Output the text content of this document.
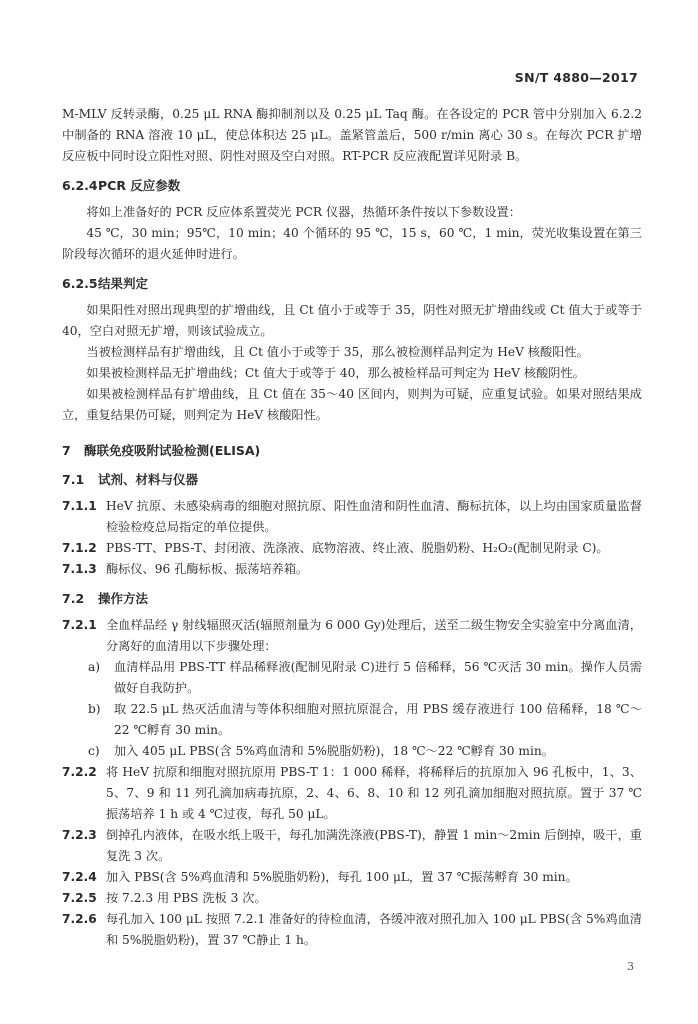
SN/T 4880—2017

M-MLV 反转录酶，0.25 μL RNA 酶抑制剂以及 0.25 μL Taq 酶。在各设定的 PCR 管中分别加入 6.2.2 中制备的 RNA 溶液 10 μL，使总体积达 25 μL。盖紧管盖后，500 r/min 离心 30 s。在每次 PCR 扩增反应板中同时设立阳性对照、阴性对照及空白对照。RT-PCR 反应液配置详见附录 B。

6.2.4PCR 反应参数

将如上准备好的 PCR 反应体系置荧光 PCR 仪器，热循环条件按以下参数设置：

45 ℃，30 min；95℃，10 min；40 个循环的 95 ℃，15 s，60 ℃，1 min，荧光收集设置在第三阶段每次循环的退火延伸时进行。

6.2.5结果判定

如果阳性对照出现典型的扩增曲线，且 Ct 值小于或等于 35，阴性对照无扩增曲线或 Ct 值大于或等于 40，空白对照无扩增，则该试验成立。

当被检测样品有扩增曲线，且 Ct 值小于或等于 35，那么被检测样品判定为 HeV 核酸阳性。

如果被检测样品无扩增曲线；Ct 值大于或等于 40，那么被检样品可判定为 HeV 核酸阴性。

如果被检测样品有扩增曲线，且 Ct 值在 35～40 区间内，则判为可疑，应重复试验。如果对照结果成立，重复结果仍可疑，则判定为 HeV 核酸阳性。

7 酶联免疫吸附试验检测(ELISA)
7.1 试剂、材料与仪器
7.1.1 HeV 抗原、未感染病毒的细胞对照抗原、阳性血清和阴性血清、酶标抗体，以上均由国家质量监督检验检疫总局指定的单位提供。
7.1.2 PBS-TT、PBS-T、封闭液、洗涤液、底物溶液、终止液、脱脂奶粉、H₂O₂(配制见附录 C)。
7.1.3 酶标仪、96 孔酶标板、振荡培养箱。
7.2 操作方法
7.2.1 全血样品经 γ 射线辐照灭活(辐照剂量为 6 000 Gy)处理后，送至二级生物安全实验室中分离血清，分离好的血清用以下步骤处理：
a)	血清样品用 PBS-TT 样品稀释液(配制见附录 C)进行 5 倍稀释，56 ℃灭活 30 min。操作人员需做好自我防护。
b)	取 22.5 μL 热灭活血清与等体积细胞对照抗原混合，用 PBS 缓存液进行 100 倍稀释，18 ℃～22 ℃孵育 30 min。
c)	加入 405 μL PBS(含 5%鸡血清和 5%脱脂奶粉)，18 ℃～22 ℃孵育 30 min。
7.2.2 将 HeV 抗原和细胞对照抗原用 PBS-T 1：1 000 稀释，将稀释后的抗原加入 96 孔板中，1、3、5、7、9 和 11 列孔滴加病毒抗原，2、4、6、8、10 和 12 列孔滴加细胞对照抗原。置于 37 ℃振荡培养 1 h 或 4 ℃过夜，每孔 50 μL。
7.2.3 倒掉孔内液体，在吸水纸上吸干，每孔加满洗涤液(PBS-T)，静置 1 min～2min 后倒掉，吸干，重复洗 3 次。
7.2.4 加入 PBS(含 5%鸡血清和 5%脱脂奶粉)，每孔 100 μL，置 37 ℃振荡孵育 30 min。
7.2.5 按 7.2.3 用 PBS 洗板 3 次。
7.2.6 每孔加入 100 μL 按照 7.2.1 准备好的待检血清，各缓冲液对照孔加入 100 μL PBS(含 5%鸡血清和 5%脱脂奶粉)，置 37 ℃静止 1 h。
3
